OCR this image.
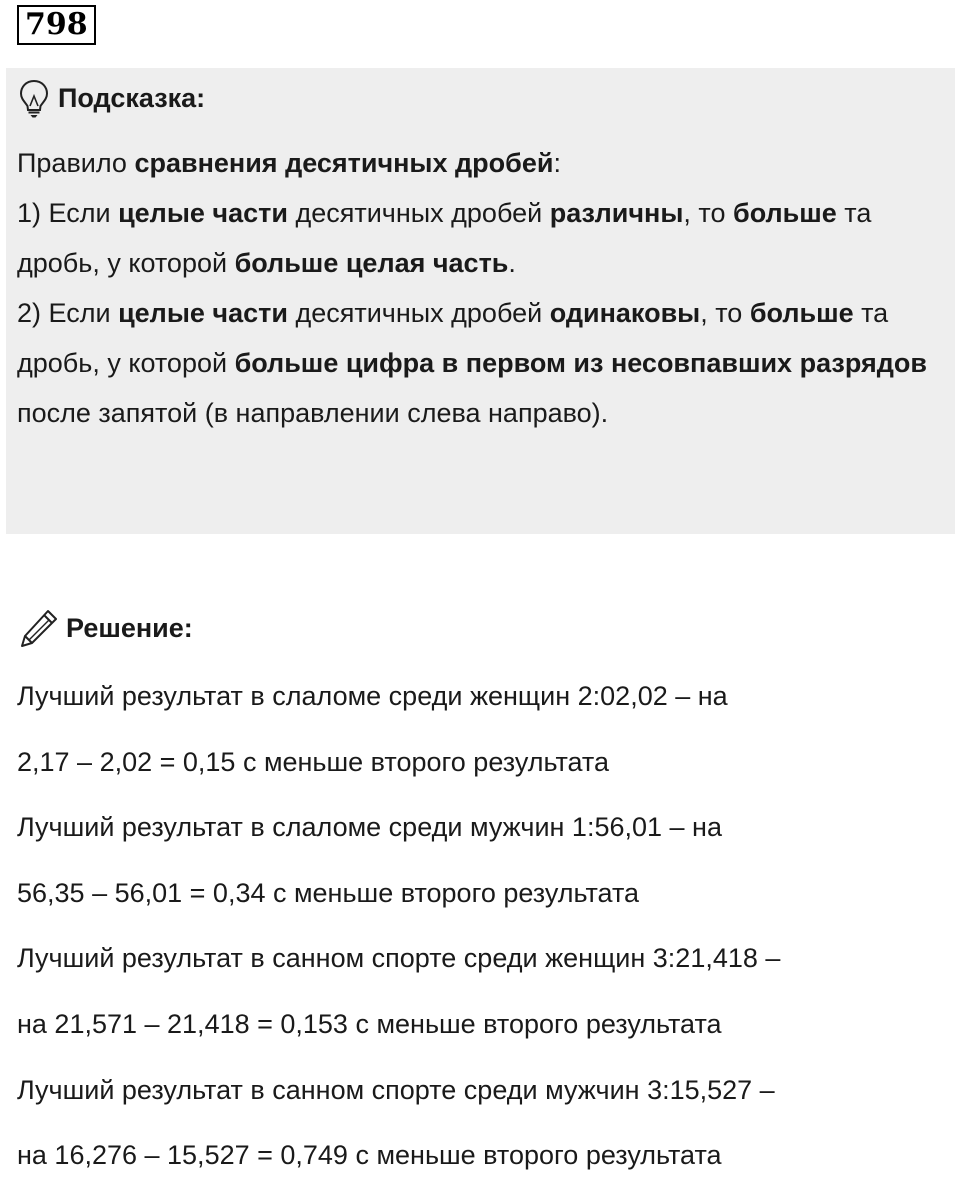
798
Подсказка:

Правило сравнения десятичных дробей:

1) Если целые части десятичных дробей различны, то больше та дробь, у которой больше целая часть.

2) Если целые части десятичных дробей одинаковы, то больше та дробь, у которой больше цифра в первом из несовпавших разрядов после запятой (в направлении слева направо).

Решение:

Лучший результат в слаломе среди женщин 2:02,02 – на

2,17 – 2,02 = 0,15 с меньше второго результата

Лучший результат в слаломе среди мужчин 1:56,01 – на

56,35 – 56,01 = 0,34 с меньше второго результата

Лучший результат в санном спорте среди женщин 3:21,418 –

на 21,571 – 21,418 = 0,153 с меньше второго результата

Лучший результат в санном спорте среди мужчин 3:15,527 –

на 16,276 – 15,527 = 0,749 с меньше второго результата
